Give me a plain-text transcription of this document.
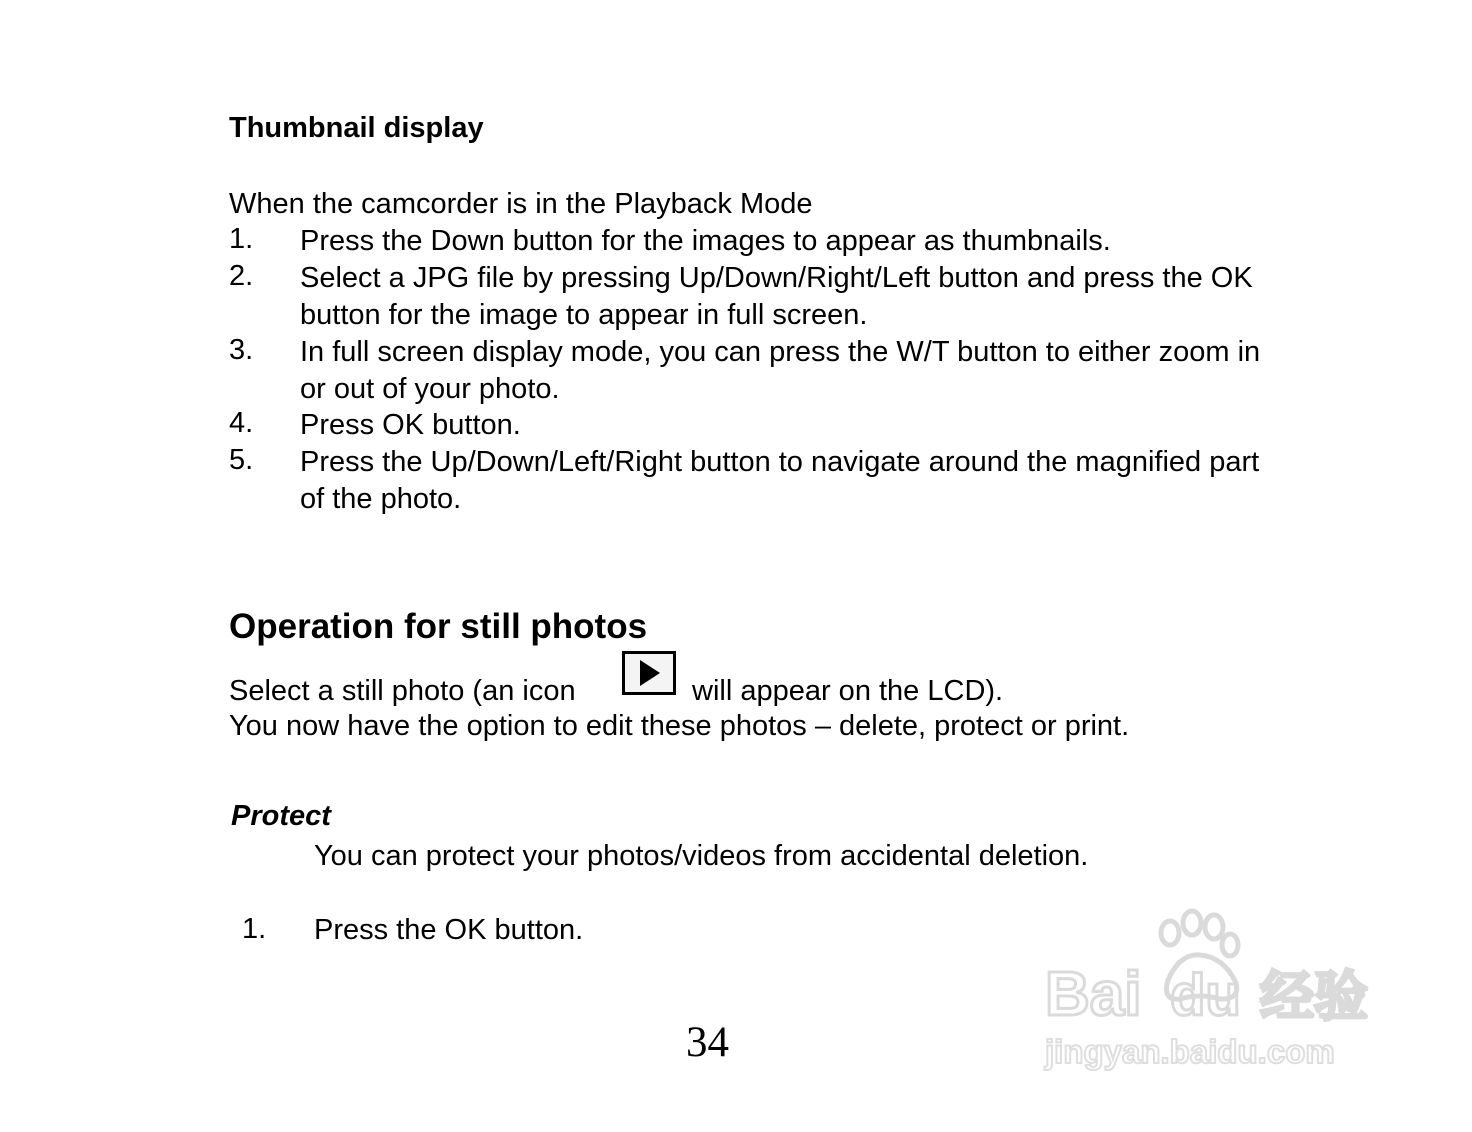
Thumbnail display
When the camcorder is in the Playback Mode
1. Press the Down button for the images to appear as thumbnails.
2. Select a JPG file by pressing Up/Down/Right/Left button and press the OK
button for the image to appear in full screen.
3. In full screen display mode, you can press the W/T button to either zoom in
or out of your photo.
4. Press OK button.
5. Press the Up/Down/Left/Right button to navigate around the magnified part
of the photo.
Operation for still photos
Select a still photo (an icon	will appear on the LCD).
You now have the option to edit these photos – delete, protect or print.
Protect
You can protect your photos/videos from accidental deletion.
1. Press the OK button.
34
Bai du 经验
jingyan.baidu.com
